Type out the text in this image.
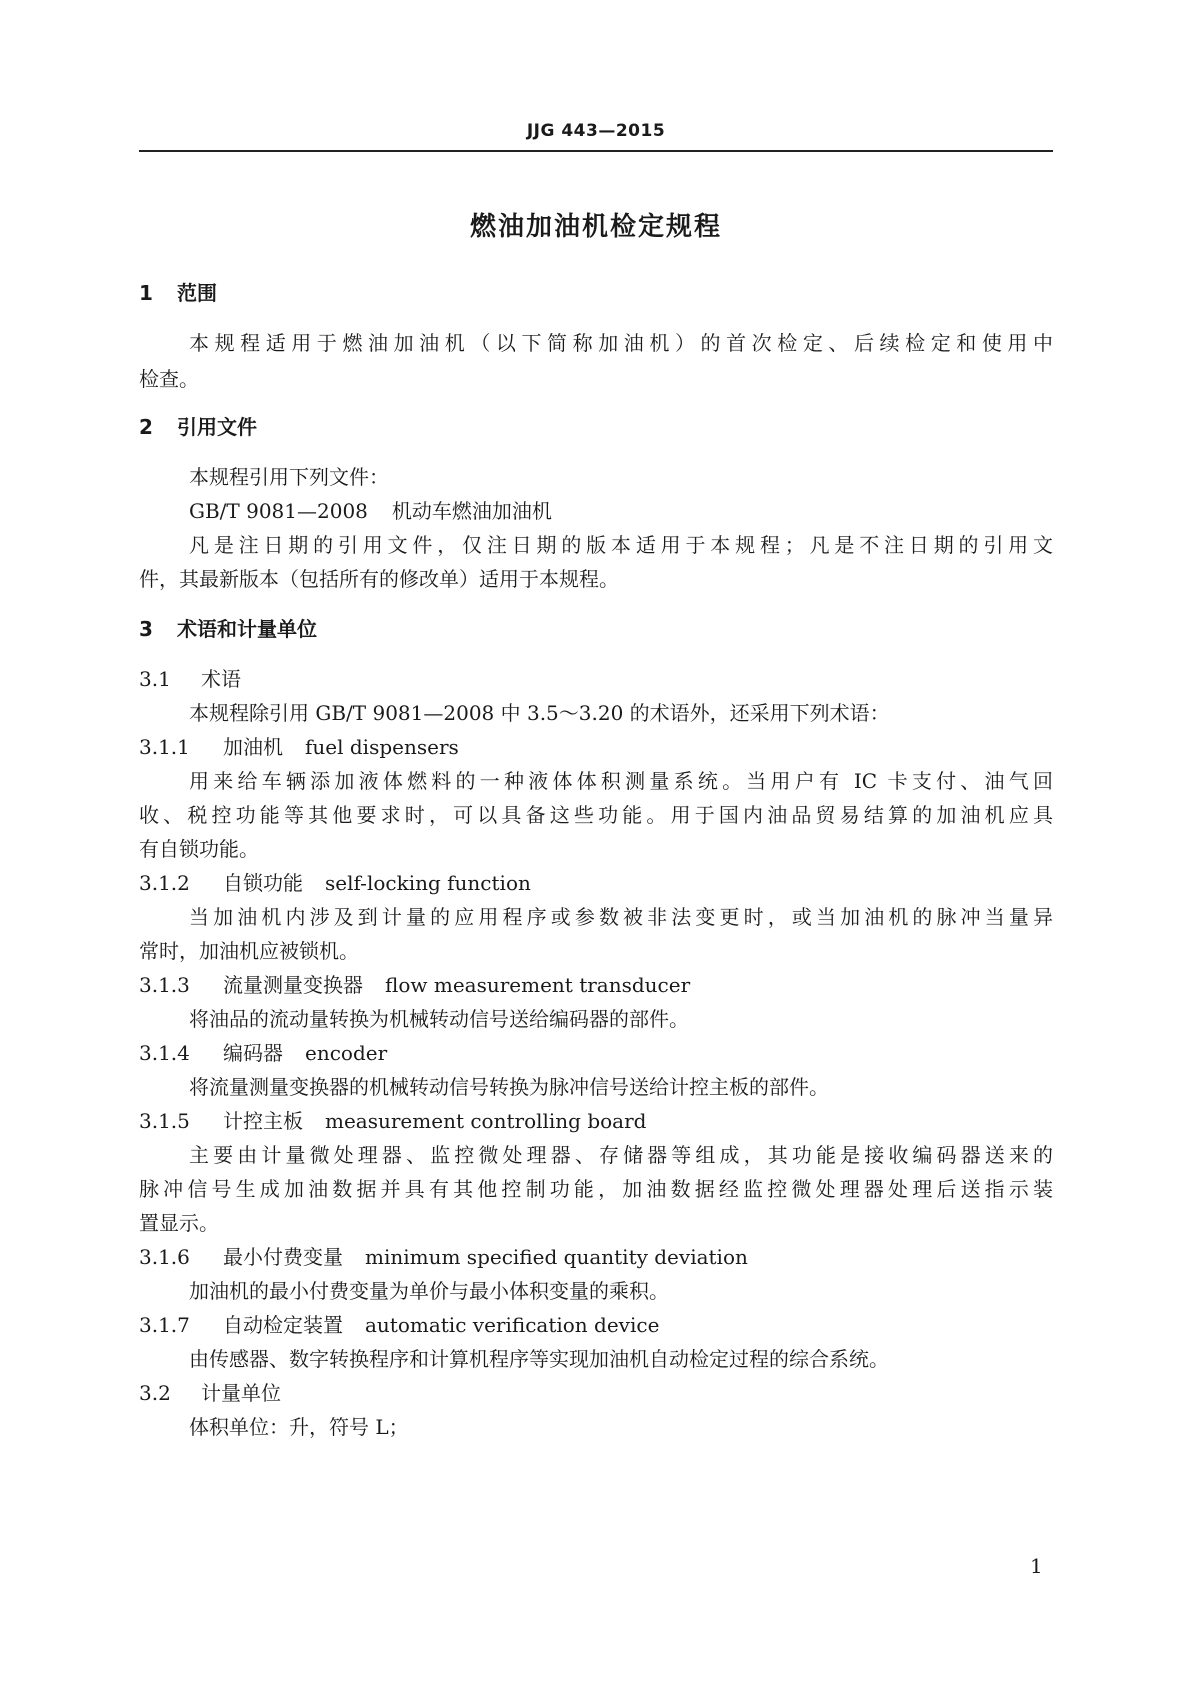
JJG 443—2015
燃油加油机检定规程
1 范围
本规程适用于燃油加油机（以下简称加油机）的首次检定、后续检定和使用中
检查。
2 引用文件
本规程引用下列文件：
GB/T 9081—2008 机动车燃油加油机
凡是注日期的引用文件，仅注日期的版本适用于本规程；凡是不注日期的引用文
件，其最新版本（包括所有的修改单）适用于本规程。
3 术语和计量单位
3.1 术语
本规程除引用 GB/T 9081—2008 中 3.5～3.20 的术语外，还采用下列术语：
3.1.1 加油机 fuel dispensers
用来给车辆添加液体燃料的一种液体体积测量系统。当用户有 IC 卡支付、油气回
收、税控功能等其他要求时，可以具备这些功能。用于国内油品贸易结算的加油机应具
有自锁功能。
3.1.2 自锁功能 self-locking function
当加油机内涉及到计量的应用程序或参数被非法变更时，或当加油机的脉冲当量异
常时，加油机应被锁机。
3.1.3 流量测量变换器 flow measurement transducer
将油品的流动量转换为机械转动信号送给编码器的部件。
3.1.4 编码器 encoder
将流量测量变换器的机械转动信号转换为脉冲信号送给计控主板的部件。
3.1.5 计控主板 measurement controlling board
主要由计量微处理器、监控微处理器、存储器等组成，其功能是接收编码器送来的
脉冲信号生成加油数据并具有其他控制功能，加油数据经监控微处理器处理后送指示装
置显示。
3.1.6 最小付费变量 minimum specified quantity deviation
加油机的最小付费变量为单价与最小体积变量的乘积。
3.1.7 自动检定装置 automatic verification device
由传感器、数字转换程序和计算机程序等实现加油机自动检定过程的综合系统。
3.2 计量单位
体积单位：升，符号 L；
1
